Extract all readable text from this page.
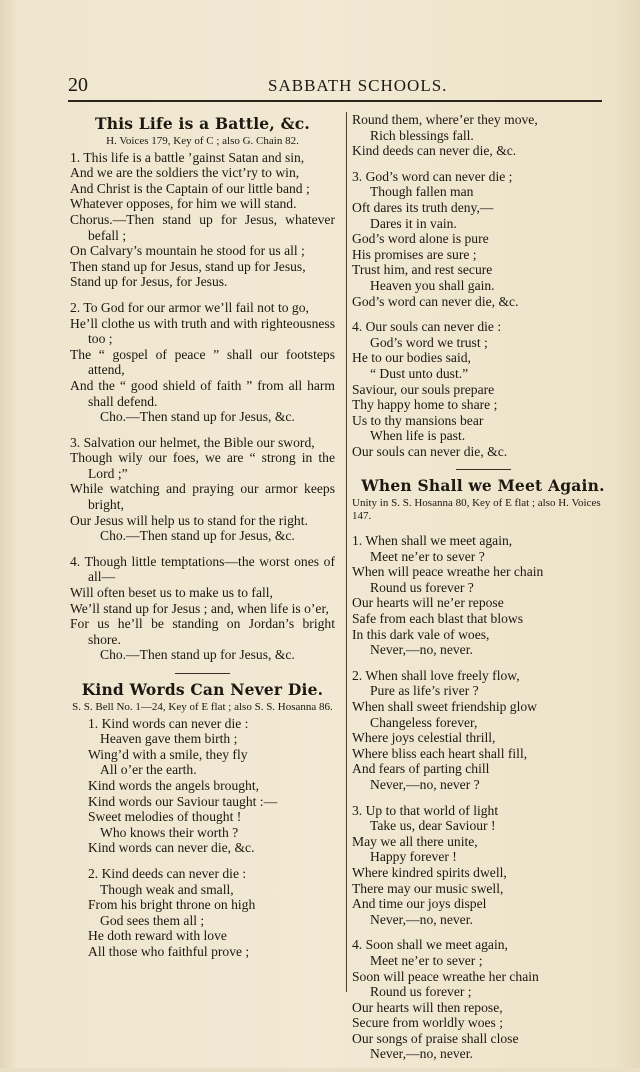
20	SABBATH SCHOOLS.
This Life is a Battle, &c.
H. Voices 179, Key of C ; also G. Chain 82.
1. This life is a battle ’gainst Satan and sin,
And we are the soldiers the vict’ry to win,
And Christ is the Captain of our little band ;
Whatever opposes, for him we will stand.
Chorus.—Then stand up for Jesus, whatever befall ;
On Calvary’s mountain he stood for us all ;
Then stand up for Jesus, stand up for Jesus,
Stand up for Jesus, for Jesus.
2. To God for our armor we’ll fail not to go,
He’ll clothe us with truth and with righteousness too ;
The “ gospel of peace ” shall our footsteps attend,
And the “ good shield of faith ” from all harm shall defend.
Cho.—Then stand up for Jesus, &c.
3. Salvation our helmet, the Bible our sword,
Though wily our foes, we are “ strong in the Lord ;”
While watching and praying our armor keeps bright,
Our Jesus will help us to stand for the right.
Cho.—Then stand up for Jesus, &c.
4. Though little temptations—the worst ones of all—
Will often beset us to make us to fall,
We’ll stand up for Jesus ; and, when life is o’er,
For us he’ll be standing on Jordan’s bright shore.
Cho.—Then stand up for Jesus, &c.
Kind Words Can Never Die.
S. S. Bell No. 1—24, Key of E flat ; also S. S. Hosanna 86.
1. Kind words can never die :
Heaven gave them birth ;
Wing’d with a smile, they fly
All o’er the earth.
Kind words the angels brought,
Kind words our Saviour taught :—
Sweet melodies of thought !
Who knows their worth ?
Kind words can never die, &c.
2. Kind deeds can never die :
Though weak and small,
From his bright throne on high
God sees them all ;
He doth reward with love
All those who faithful prove ;
Round them, where’er they move,
Rich blessings fall.
Kind deeds can never die, &c.
3. God’s word can never die ;
Though fallen man
Oft dares its truth deny,—
Dares it in vain.
God’s word alone is pure
His promises are sure ;
Trust him, and rest secure
Heaven you shall gain.
God’s word can never die, &c.
4. Our souls can never die :
God’s word we trust ;
He to our bodies said,
“ Dust unto dust.”
Saviour, our souls prepare
Thy happy home to share ;
Us to thy mansions bear
When life is past.
Our souls can never die, &c.
When Shall we Meet Again.
Unity in S. S. Hosanna 80, Key of E flat ; also H. Voices 147.
1. When shall we meet again,
Meet ne’er to sever ?
When will peace wreathe her chain
Round us forever ?
Our hearts will ne’er repose
Safe from each blast that blows
In this dark vale of woes,
Never,—no, never.
2. When shall love freely flow,
Pure as life’s river ?
When shall sweet friendship glow
Changeless forever,
Where joys celestial thrill,
Where bliss each heart shall fill,
And fears of parting chill
Never,—no, never ?
3. Up to that world of light
Take us, dear Saviour !
May we all there unite,
Happy forever !
Where kindred spirits dwell,
There may our music swell,
And time our joys dispel
Never,—no, never.
4. Soon shall we meet again,
Meet ne’er to sever ;
Soon will peace wreathe her chain
Round us forever ;
Our hearts will then repose,
Secure from worldly woes ;
Our songs of praise shall close
Never,—no, never.
